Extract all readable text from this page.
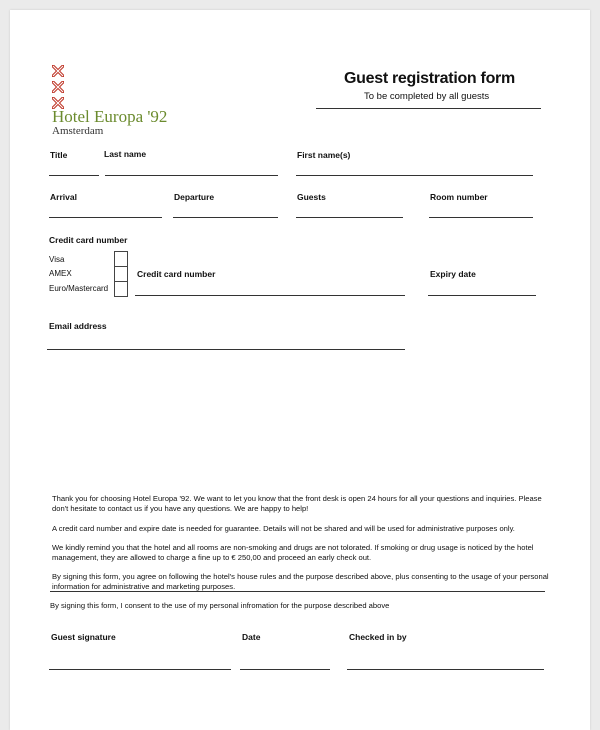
Hotel Europa '92
Amsterdam
Guest registration form
To be completed by all guests
Title	Last name	First name(s)
Arrival	Departure	Guests	Room number
Credit card number
Visa
AMEX
Euro/Mastercard
Credit card number	Expiry date
Email address
Thank you for choosing Hotel Europa '92. We want to let you know that the front desk is open 24 hours for all your questions and inquiries. Please don't hesitate to contact us if you have any questions. We are happy to help!
A credit card number and expire date is needed for guarantee. Details will not be shared and will be used for administrative purposes only.
We kindly remind you that the hotel and all rooms are non-smoking and drugs are not tolorated. If smoking or drug usage is noticed by the hotel management, they are allowed to charge a fine up to € 250,00 and proceed an early check out.
By signing this form, you agree on following the hotel's house rules and the purpose described above, plus consenting to the usage of your personal information for administrative and marketing purposes.
By signing this form, I consent to the use of my personal infromation for the purpose described above
Guest signature	Date	Checked in by
